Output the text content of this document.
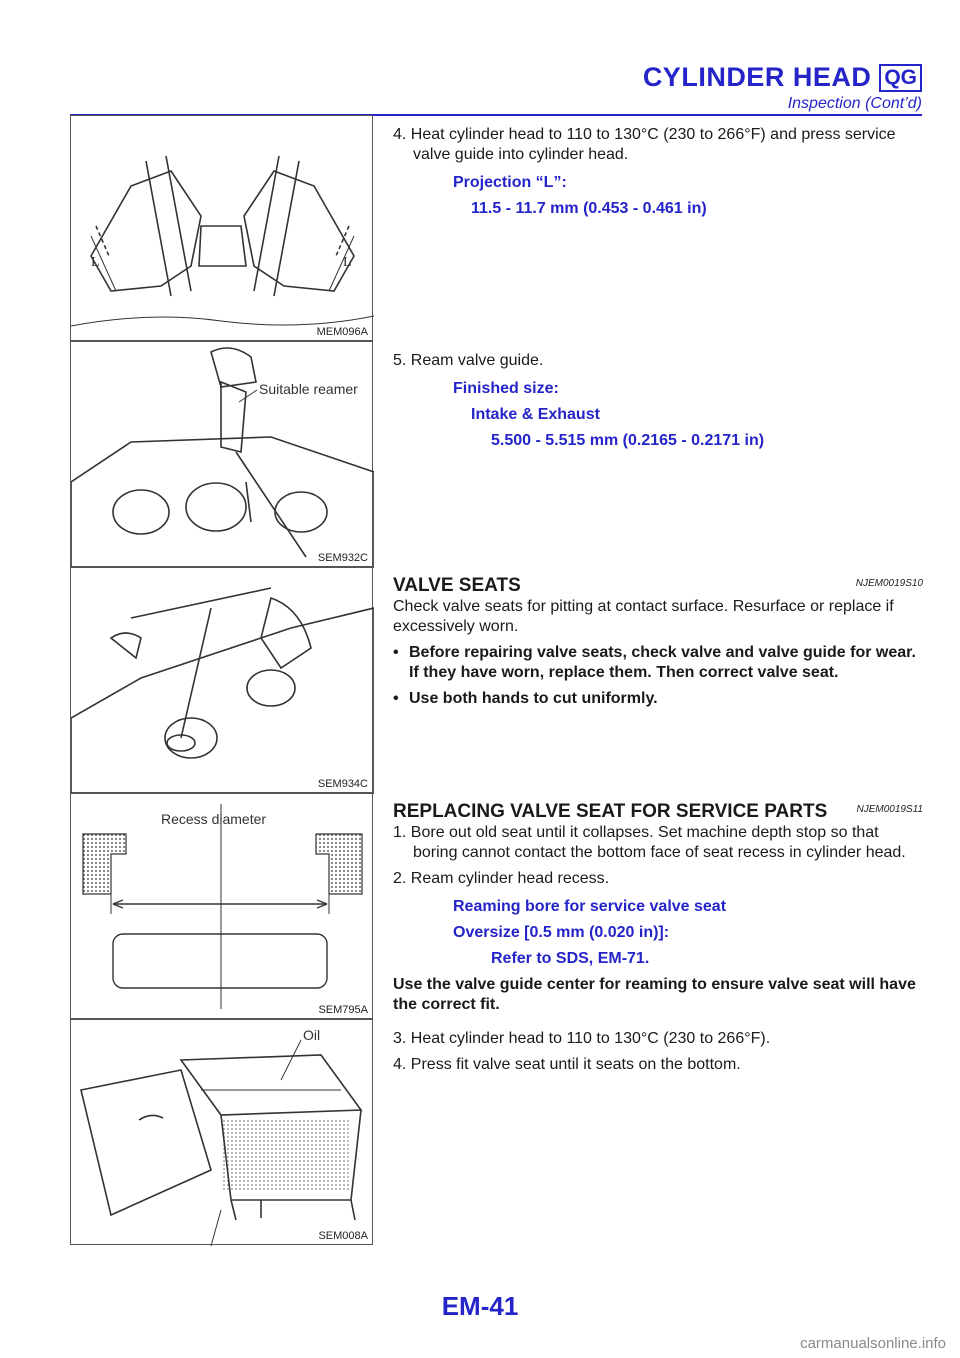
CYLINDER HEAD QG
Inspection (Cont’d)
L	L
MEM096A
Suitable reamer
SEM932C
SEM934C
Recess diameter
SEM795A
Oil
SEM008A

4. Heat cylinder head to 110 to 130°C (230 to 266°F) and press service valve guide into cylinder head.

Projection “L”:
11.5 - 11.7 mm (0.453 - 0.461 in)

5. Ream valve guide.

Finished size:
Intake & Exhaust
5.500 - 5.515 mm (0.2165 - 0.2171 in)
VALVE SEATS	NJEM0019S10

Check valve seats for pitting at contact surface. Resurface or replace if excessively worn.

• Before repairing valve seats, check valve and valve guide for wear. If they have worn, replace them. Then correct valve seat.
• Use both hands to cut uniformly.
REPLACING VALVE SEAT FOR SERVICE PARTS	NJEM0019S11

1. Bore out old seat until it collapses. Set machine depth stop so that boring cannot contact the bottom face of seat recess in cylinder head.

2. Ream cylinder head recess.

Reaming bore for service valve seat
Oversize [0.5 mm (0.020 in)]:
Refer to SDS, EM-71.

Use the valve guide center for reaming to ensure valve seat will have the correct fit.

3. Heat cylinder head to 110 to 130°C (230 to 266°F).

4. Press fit valve seat until it seats on the bottom.

EM-41
carmanualsonline.info
